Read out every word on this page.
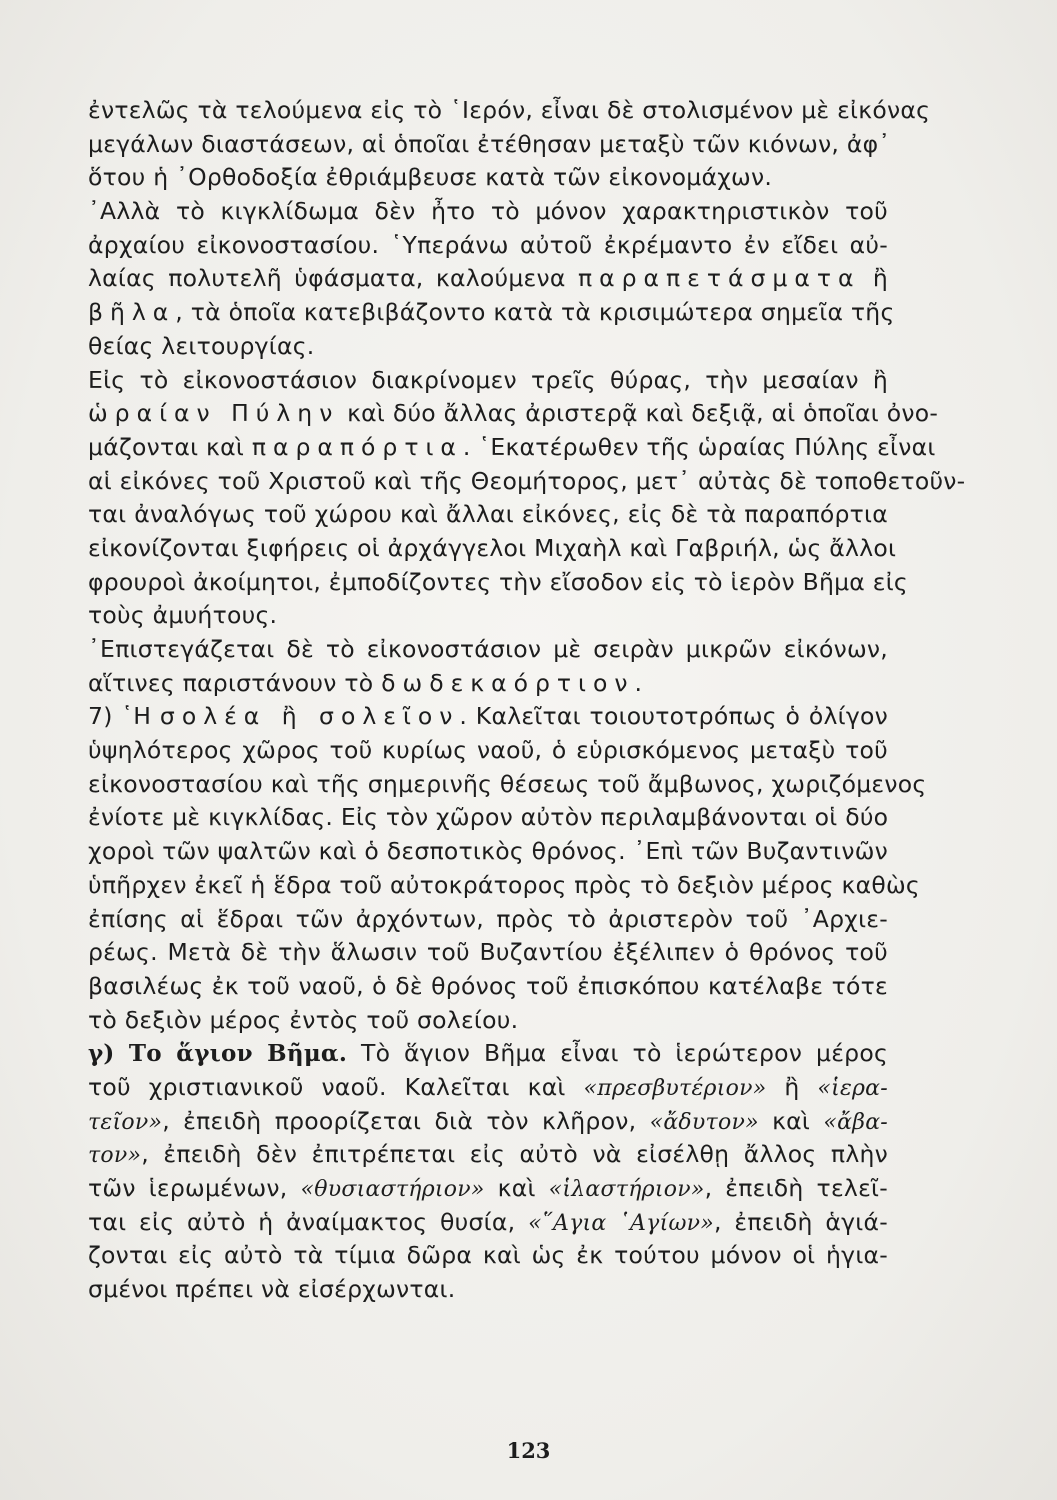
ἐντελῶς τὰ τελούμενα εἰς τὸ ῾Ιερόν, εἶναι δὲ στολισμένον μὲ εἰκόνας
μεγάλων διαστάσεων, αἱ ὁποῖαι ἐτέθησαν μεταξὺ τῶν κιόνων, ἀφ᾿
ὅτου ἡ ᾿Ορθοδοξία ἐθριάμβευσε κατὰ τῶν εἰκονομάχων.
᾿Αλλὰ τὸ κιγκλίδωμα δὲν ἦτο τὸ μόνον χαρακτηριστικὸν τοῦ
ἀρχαίου εἰκονοστασίου. ῾Υπεράνω αὐτοῦ ἐκρέμαντο ἐν εἴδει αὐ-
λαίας πολυτελῆ ὑφάσματα, καλούμενα παραπετάσματα ἢ
βῆλα, τὰ ὁποῖα κατεβιβάζοντο κατὰ τὰ κρισιμώτερα σημεῖα τῆς
θείας λειτουργίας.
Εἰς τὸ εἰκονοστάσιον διακρίνομεν τρεῖς θύρας, τὴν μεσαίαν ἢ
ὡραίαν Πύλην καὶ δύο ἄλλας ἀριστερᾷ καὶ δεξιᾷ, αἱ ὁποῖαι ὀνο-
μάζονται καὶ παραπόρτια. ῾Εκατέρωθεν τῆς ὡραίας Πύλης εἶναι
αἱ εἰκόνες τοῦ Χριστοῦ καὶ τῆς Θεομήτορος, μετ᾿ αὐτὰς δὲ τοποθετοῦν-
ται ἀναλόγως τοῦ χώρου καὶ ἄλλαι εἰκόνες, εἰς δὲ τὰ παραπόρτια
εἰκονίζονται ξιφήρεις οἱ ἀρχάγγελοι Μιχαὴλ καὶ Γαβριήλ, ὡς ἄλλοι
φρουροὶ ἀκοίμητοι, ἐμποδίζοντες τὴν εἴσοδον εἰς τὸ ἱερὸν Βῆμα εἰς
τοὺς ἀμυήτους.
᾿Επιστεγάζεται δὲ τὸ εἰκονοστάσιον μὲ σειρὰν μικρῶν εἰκόνων,
αἵτινες παριστάνουν τὸ δωδεκαόρτιον.
7) ῾Η σολέα ἢ σολεῖον. Καλεῖται τοιουτοτρόπως ὁ ὀλίγον
ὑψηλότερος χῶρος τοῦ κυρίως ναοῦ, ὁ εὑρισκόμενος μεταξὺ τοῦ
εἰκονοστασίου καὶ τῆς σημερινῆς θέσεως τοῦ ἄμβωνος, χωριζόμενος
ἐνίοτε μὲ κιγκλίδας. Εἰς τὸν χῶρον αὐτὸν περιλαμβάνονται οἱ δύο
χοροὶ τῶν ψαλτῶν καὶ ὁ δεσποτικὸς θρόνος. ᾿Επὶ τῶν Βυζαντινῶν
ὑπῆρχεν ἐκεῖ ἡ ἕδρα τοῦ αὐτοκράτορος πρὸς τὸ δεξιὸν μέρος καθὼς
ἐπίσης αἱ ἕδραι τῶν ἀρχόντων, πρὸς τὸ ἀριστερὸν τοῦ ᾿Αρχιε-
ρέως. Μετὰ δὲ τὴν ἅλωσιν τοῦ Βυζαντίου ἐξέλιπεν ὁ θρόνος τοῦ
βασιλέως ἐκ τοῦ ναοῦ, ὁ δὲ θρόνος τοῦ ἐπισκόπου κατέλαβε τότε
τὸ δεξιὸν μέρος ἐντὸς τοῦ σολείου.
γ) Το ἅγιον Βῆμα. Τὸ ἅγιον Βῆμα εἶναι τὸ ἱερώτερον μέρος
τοῦ χριστιανικοῦ ναοῦ. Καλεῖται καὶ «πρεσβυτέριον» ἢ «ἱερα-
τεῖον», ἐπειδὴ προορίζεται διὰ τὸν κλῆρον, «ἄδυτον» καὶ «ἄβα-
τον», ἐπειδὴ δὲν ἐπιτρέπεται εἰς αὐτὸ νὰ εἰσέλθῃ ἄλλος πλὴν
τῶν ἱερωμένων, «θυσιαστήριον» καὶ «ἱλαστήριον», ἐπειδὴ τελεῖ-
ται εἰς αὐτὸ ἡ ἀναίμακτος θυσία, «῞Αγια ῾Αγίων», ἐπειδὴ ἁγιά-
ζονται εἰς αὐτὸ τὰ τίμια δῶρα καὶ ὡς ἐκ τούτου μόνον οἱ ἡγια-
σμένοι πρέπει νὰ εἰσέρχωνται.
123
